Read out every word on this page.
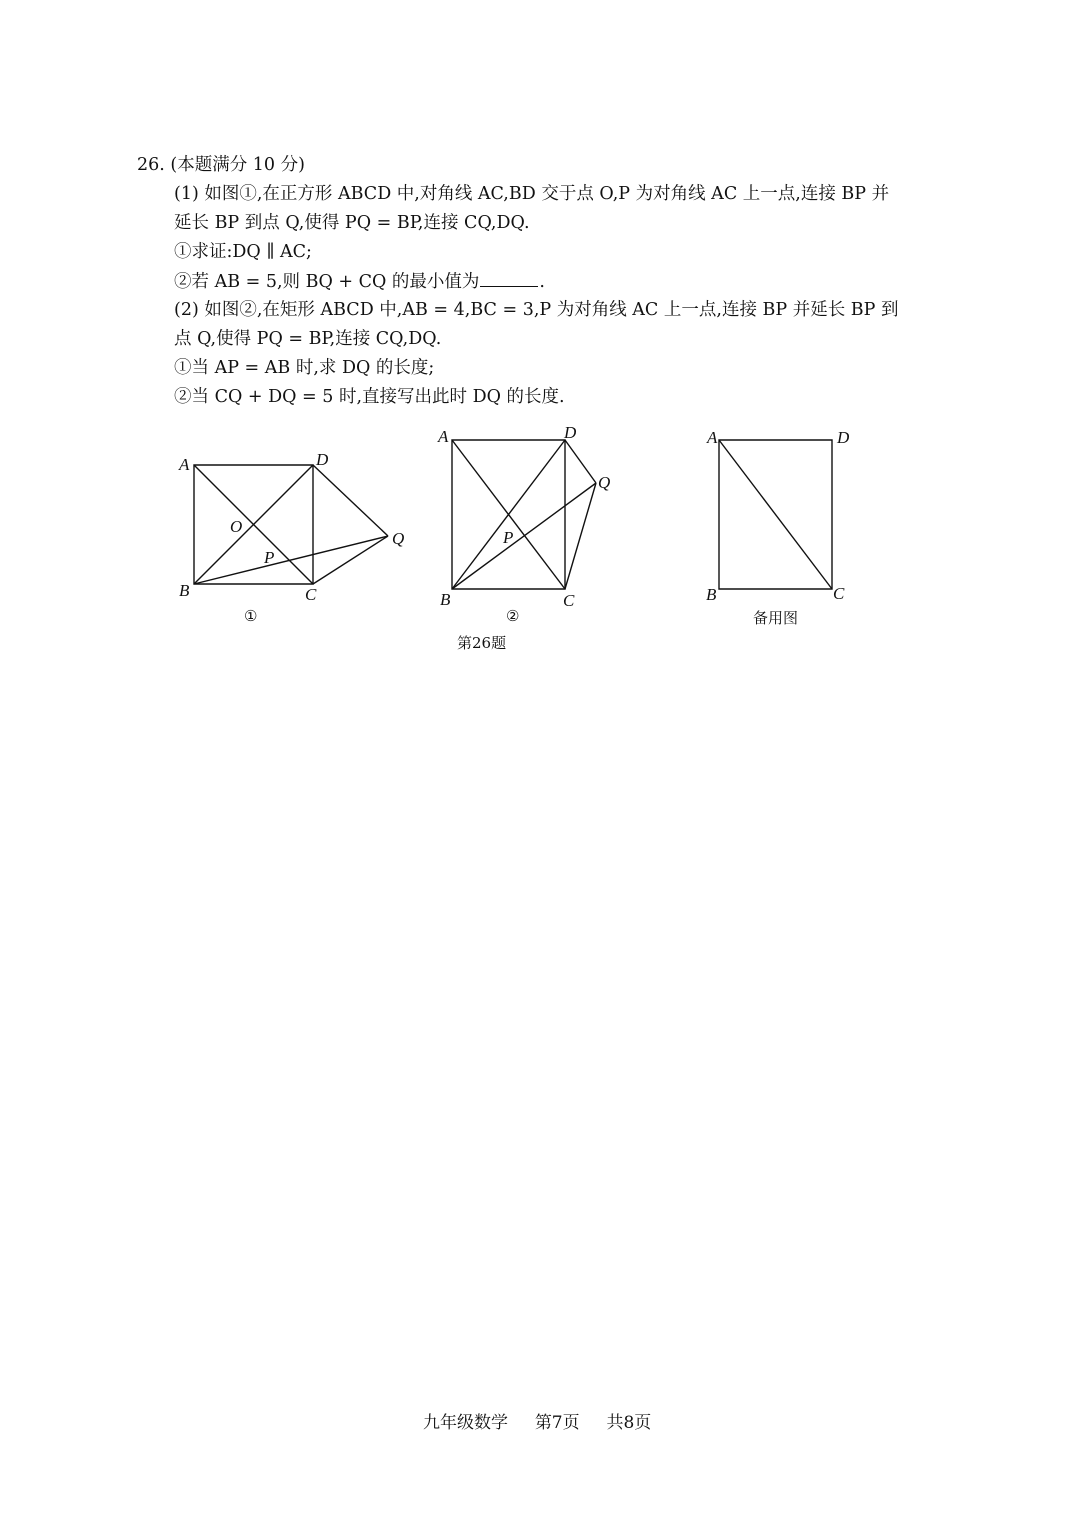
26. (本题满分 10 分)
(1) 如图①,在正方形 ABCD 中,对角线 AC,BD 交于点 O,P 为对角线 AC 上一点,连接 BP 并
延长 BP 到点 Q,使得 PQ = BP,连接 CQ,DQ.
①求证:DQ ∥ AC;
②若 AB = 5,则 BQ + CQ 的最小值为	.
(2) 如图②,在矩形 ABCD 中,AB = 4,BC = 3,P 为对角线 AC 上一点,连接 BP 并延长 BP 到
点 Q,使得 PQ = BP,连接 CQ,DQ.
①当 AP = AB 时,求 DQ 的长度;
②当 CQ + DQ = 5 时,直接写出此时 DQ 的长度.
A	D
O
P
Q
B	C
A	D
Q
P
B	C
A	D
B	C
①	②	备用图
第26题
九年级数学 第7页 共8页
